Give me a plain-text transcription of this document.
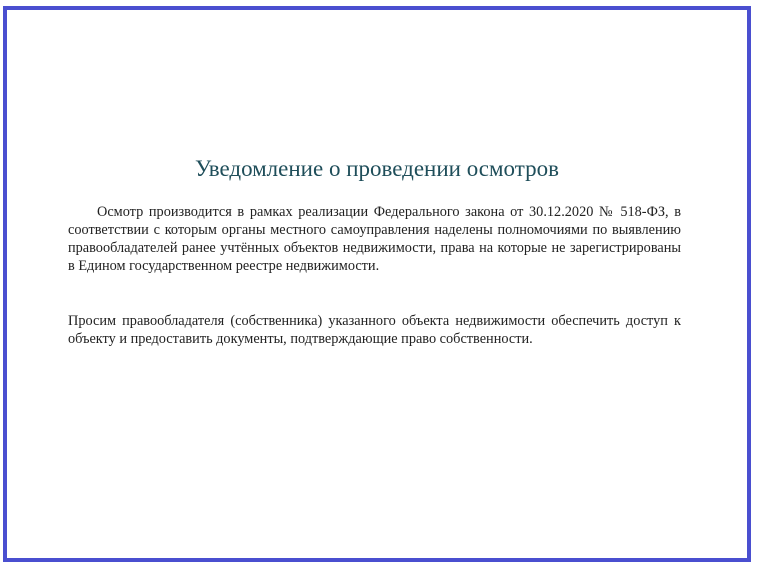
Уведомление о проведении осмотров

Осмотр производится в рамках реализации Федерального закона от 30.12.2020 № 518-ФЗ, в соответствии с которым органы местного самоуправления наделены полномочиями по выявлению правообладателей ранее учтённых объектов недвижимости, права на которые не зарегистрированы в Едином государственном реестре недвижимости.

Просим правообладателя (собственника) указанного объекта недвижимости обеспечить доступ к объекту и предоставить документы, подтверждающие право собственности.
